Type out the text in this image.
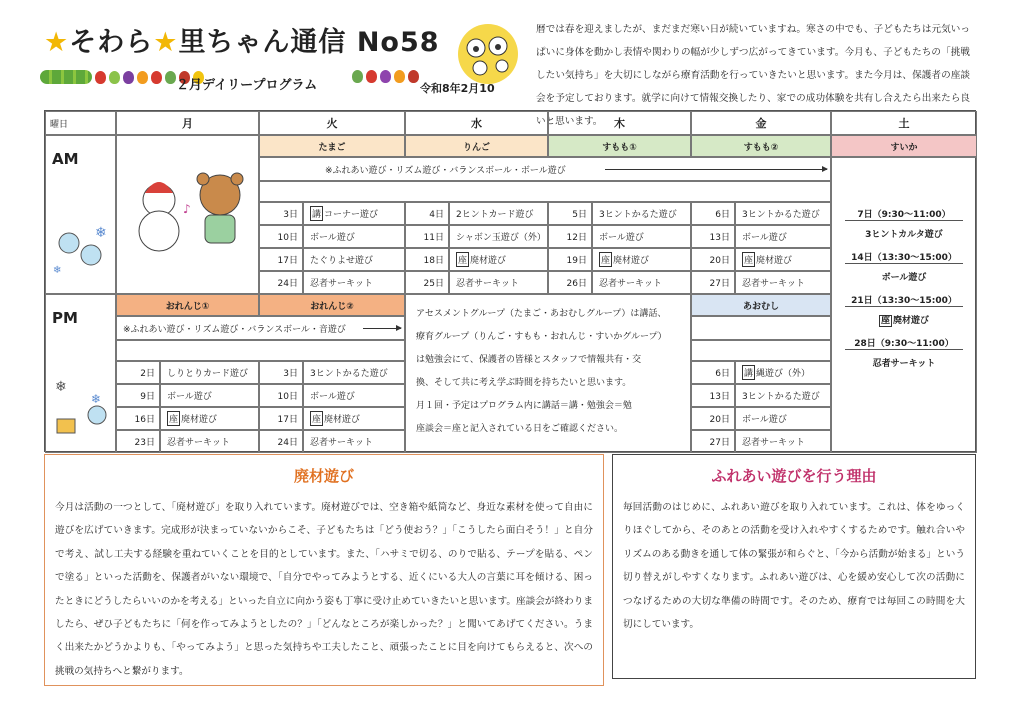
★そわら★里ちゃん通信 No58
２月デイリープログラム	令和8年2月10
暦では春を迎えましたが、まだまだ寒い日が続いていますね。寒さの中でも、子どもたちは元気いっぱいに身体を動かし表情や関わりの幅が少しずつ広がってきています。今月も、子どもたちの「挑戦したい気持ち」を大切にしながら療育活動を行っていきたいと思います。また今月は、保護者の座談会を予定しております。就学に向けて情報交換したり、家での成功体験を共有し合えたら出来たら良いと思います。
曜日	月	火	水	木	金	土
AM
❄
❄
♪
たまご	りんご	すもも①	すもも②	すいか
※ふれあい遊び・リズム遊び・バランスボール・ボール遊び
PM
❄
❄
おれんじ①	おれんじ②	あおむし
※ふれあい遊び・リズム遊び・バランスボール・音遊び
アセスメントグループ（たまご・あおむしグループ）は講話、
療育グループ（りんご・すもも・おれんじ・すいかグループ）
は勉強会にて、保護者の皆様とスタッフで情報共有・交
換、そして共に考え学ぶ時間を持ちたいと思います。
月１回・予定はプログラム内に講話＝講・勉強会＝勉
座談会＝座と記入されている日をご確認ください。
3日	講 コーナー遊び	4日	2ヒントカード遊び	5日	3ヒントかるた遊び	6日	3ヒントかるた遊び
10日	ボール遊び	11日	シャボン玉遊び（外）	12日	ボール遊び	13日	ボール遊び
17日	たぐりよせ遊び	18日	座 廃材遊び	19日	座 廃材遊び	20日	座 廃材遊び
24日	忍者サーキット	25日	忍者サーキット	26日	忍者サーキット	27日	忍者サーキット
2日	しりとりカード遊び	3日	3ヒントかるた遊び	6日	講 縄遊び（外）
9日	ボール遊び	10日	ボール遊び	13日	3ヒントかるた遊び
16日	座 廃材遊び	17日	座 廃材遊び	20日	ボール遊び
23日	忍者サーキット	24日	忍者サーキット	27日	忍者サーキット
7日（9:30～11:00）
3ヒントカルタ遊び
14日（13:30～15:00）
ボール遊び
21日（13:30～15:00）
座 廃材遊び
28日（9:30～11:00）
忍者サーキット
廃材遊び

今月は活動の一つとして、「廃材遊び」を取り入れています。廃材遊びでは、空き箱や紙筒など、身近な素材を使って自由に遊びを広げていきます。完成形が決まっていないからこそ、子どもたちは「どう使おう？」「こうしたら面白そう！」と自分で考え、試し工夫する経験を重ねていくことを目的としています。また、「ハサミで切る、のりで貼る、テープを貼る、ペンで塗る」といった活動を、保護者がいない環境で、「自分でやってみようとする、近くにいる大人の言葉に耳を傾ける、困ったときにどうしたらいいのかを考える」といった自立に向かう姿も丁寧に受け止めていきたいと思います。座談会が終わりましたら、ぜひ子どもたちに「何を作ってみようとしたの？」「どんなところが楽しかった？」と聞いてあげてください。うまく出来たかどうかよりも、「やってみよう」と思った気持ちや工夫したこと、頑張ったことに目を向けてもらえると、次への挑戦の気持ちへと繋がります。

ふれあい遊びを行う理由

毎回活動のはじめに、ふれあい遊びを取り入れています。これは、体をゆっくりほぐしてから、そのあとの活動を受け入れやすくするためです。触れ合いやリズムのある動きを通して体の緊張が和らぐと、「今から活動が始まる」という切り替えがしやすくなります。ふれあい遊びは、心を緩め安心して次の活動につなげるための大切な準備の時間です。そのため、療育では毎回この時間を大切にしています。
